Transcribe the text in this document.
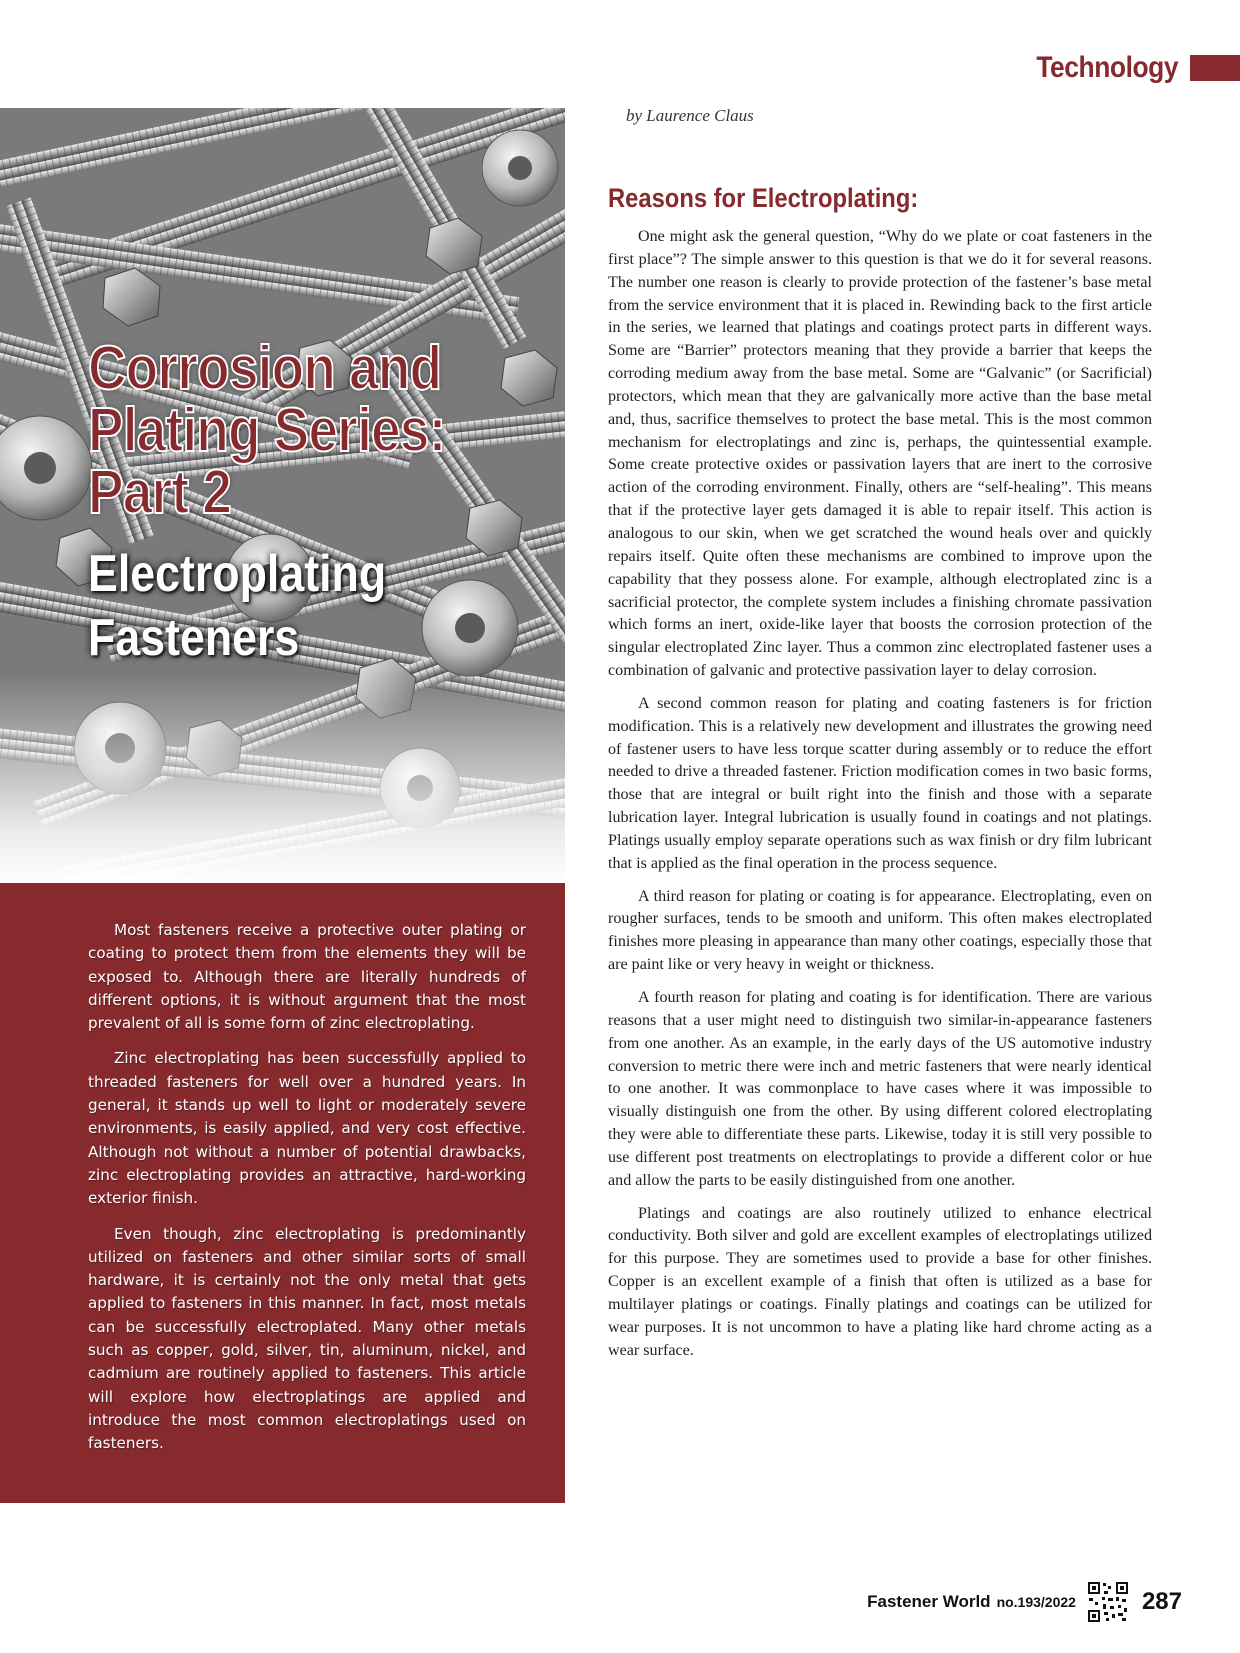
Technology
Corrosion and
Plating Series:
Part 2
Electroplating
Fasteners

Most fasteners receive a protective outer plating or coating to protect them from the elements they will be exposed to. Although there are literally hundreds of different options, it is without argument that the most prevalent of all is some form of zinc electroplating.

Zinc electroplating has been successfully applied to threaded fasteners for well over a hundred years. In general, it stands up well to light or moderately severe environments, is easily applied, and very cost effective. Although not without a number of potential drawbacks, zinc electroplating provides an attractive, hard-working exterior finish.

Even though, zinc electroplating is predominantly utilized on fasteners and other similar sorts of small hardware, it is certainly not the only metal that gets applied to fasteners in this manner. In fact, most metals can be successfully electroplated. Many other metals such as copper, gold, silver, tin, aluminum, nickel, and cadmium are routinely applied to fasteners. This article will explore how electroplatings are applied and introduce the most common electroplatings used on fasteners.

by Laurence Claus
Reasons for Electroplating:

One might ask the general question, “Why do we plate or coat fasteners in the first place”? The simple answer to this question is that we do it for several reasons. The number one reason is clearly to provide protection of the fastener’s base metal from the service environment that it is placed in. Rewinding back to the first article in the series, we learned that platings and coatings protect parts in different ways. Some are “Barrier” protectors meaning that they provide a barrier that keeps the corroding medium away from the base metal. Some are “Galvanic” (or Sacrificial) protectors, which mean that they are galvanically more active than the base metal and, thus, sacrifice themselves to protect the base metal. This is the most common mechanism for electroplatings and zinc is, perhaps, the quintessential example. Some create protective oxides or passivation layers that are inert to the corrosive action of the corroding environment. Finally, others are “self-healing”. This means that if the protective layer gets damaged it is able to repair itself. This action is analogous to our skin, when we get scratched the wound heals over and quickly repairs itself. Quite often these mechanisms are combined to improve upon the capability that they possess alone. For example, although electroplated zinc is a sacrificial protector, the complete system includes a finishing chromate passivation which forms an inert, oxide-like layer that boosts the corrosion protection of the singular electroplated Zinc layer. Thus a common zinc electroplated fastener uses a combination of galvanic and protective passivation layer to delay corrosion.

A second common reason for plating and coating fasteners is for friction modification. This is a relatively new development and illustrates the growing need of fastener users to have less torque scatter during assembly or to reduce the effort needed to drive a threaded fastener. Friction modification comes in two basic forms, those that are integral or built right into the finish and those with a separate lubrication layer. Integral lubrication is usually found in coatings and not platings. Platings usually employ separate operations such as wax finish or dry film lubricant that is applied as the final operation in the process sequence.

A third reason for plating or coating is for appearance. Electroplating, even on rougher surfaces, tends to be smooth and uniform. This often makes electroplated finishes more pleasing in appearance than many other coatings, especially those that are paint like or very heavy in weight or thickness.

A fourth reason for plating and coating is for identification. There are various reasons that a user might need to distinguish two similar-in-appearance fasteners from one another. As an example, in the early days of the US automotive industry conversion to metric there were inch and metric fasteners that were nearly identical to one another. It was commonplace to have cases where it was impossible to visually distinguish one from the other. By using different colored electroplating they were able to differentiate these parts. Likewise, today it is still very possible to use different post treatments on electroplatings to provide a different color or hue and allow the parts to be easily distinguished from one another.

Platings and coatings are also routinely utilized to enhance electrical conductivity. Both silver and gold are excellent examples of electroplatings utilized for this purpose. They are sometimes used to provide a base for other finishes. Copper is an excellent example of a finish that often is utilized as a base for multilayer platings or coatings. Finally platings and coatings can be utilized for wear purposes. It is not uncommon to have a plating like hard chrome acting as a wear surface.

Fastener World no.193/2022	287
